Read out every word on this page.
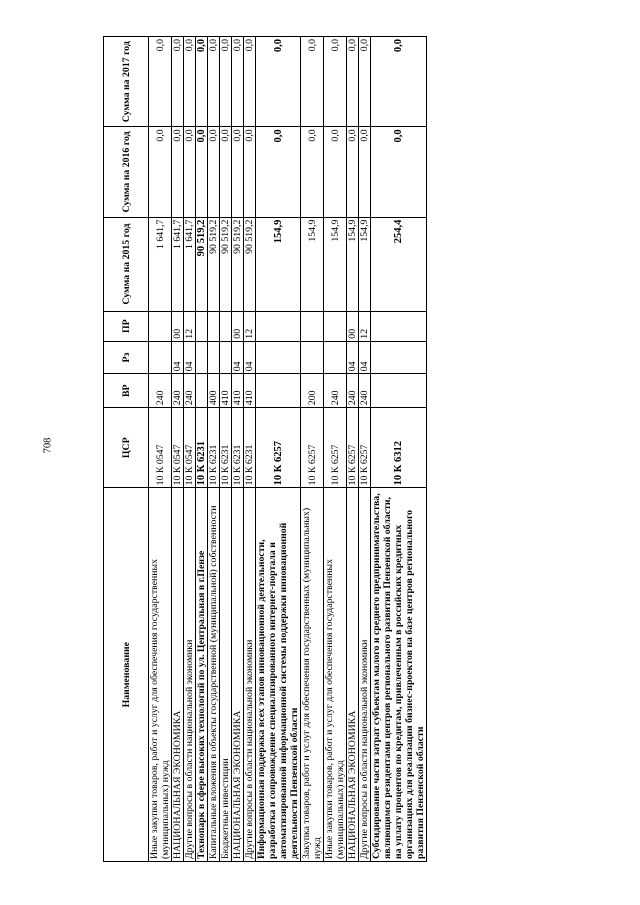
708
Наименование	ЦСР	ВР	Рз	ПР	Сумма на 2015 год	Сумма на 2016 год	Сумма на 2017 год
Иные закупки товаров, работ и услуг для обеспечения государственных (муниципальных) нужд	10 К 0547	240			1 641,7	0,0	0,0
НАЦИОНАЛЬНАЯ ЭКОНОМИКА	10 К 0547	240	04	00	1 641,7	0,0	0,0
Другие вопросы в области национальной экономики	10 К 0547	240	04	12	1 641,7	0,0	0,0
Технопарк в сфере высоких технологий по ул. Центральная в г.Пензе	10 К 6231				90 519,2	0,0	0,0
Капитальные вложения в объекты государственной (муниципальной) собственности	10 К 6231	400			90 519,2	0,0	0,0
Бюджетные инвестиции	10 К 6231	410			90 519,2	0,0	0,0
НАЦИОНАЛЬНАЯ ЭКОНОМИКА	10 К 6231	410	04	00	90 519,2	0,0	0,0
Другие вопросы в области национальной экономики	10 К 6231	410	04	12	90 519,2	0,0	0,0
Информационная поддержка всех этапов инновационной деятельности, разработка и сопровождение специализированного интернет-портала и автоматизированной информационной системы поддержки инновационной деятельности Пензенской области	10 К 6257				154,9	0,0	0,0
Закупка товаров, работ и услуг для обеспечения государственных (муниципальных) нужд	10 К 6257	200			154,9	0,0	0,0
Иные закупки товаров, работ и услуг для обеспечения государственных (муниципальных) нужд	10 К 6257	240			154,9	0,0	0,0
НАЦИОНАЛЬНАЯ ЭКОНОМИКА	10 К 6257	240	04	00	154,9	0,0	0,0
Другие вопросы в области национальной экономики	10 К 6257	240	04	12	154,9	0,0	0,0
Субсидирование части затрат субъектам малого и среднего предпринимательства, являющимся резидентами центров регионального развития Пензенской области, на уплату процентов по кредитам, привлеченным в российских кредитных организациях для реализации бизнес-проектов на базе центров регионального развития Пензенской области	10 К 6312				254,4	0,0	0,0
